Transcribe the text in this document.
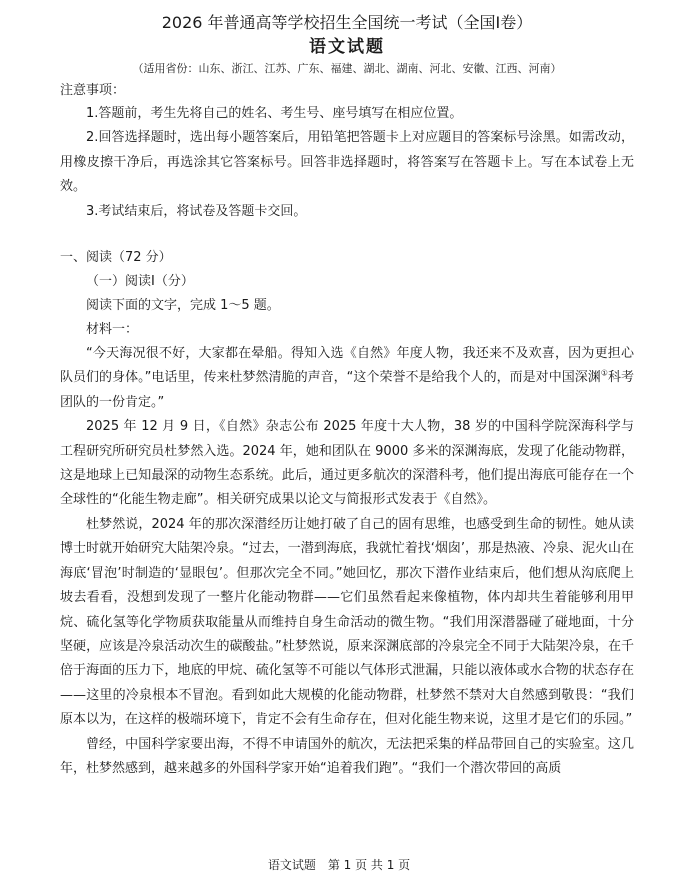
2026 年普通高等学校招生全国统一考试（全国Ⅰ卷）
语文试题

（适用省份：山东、浙江、江苏、广东、福建、湖北、湖南、河北、安徽、江西、河南）

注意事项：

1.答题前，考生先将自己的姓名、考生号、座号填写在相应位置。

2.回答选择题时，选出每小题答案后，用铅笔把答题卡上对应题目的答案标号涂黑。如需改动，用橡皮擦干净后，再选涂其它答案标号。回答非选择题时，将答案写在答题卡上。写在本试卷上无效。

3.考试结束后，将试卷及答题卡交回。

一、阅读（72 分）

（一）阅读Ⅰ（分）

阅读下面的文字，完成 1～5 题。

材料一：

“今天海况很不好，大家都在晕船。得知入选《自然》年度人物，我还来不及欢喜，因为更担心队员们的身体。”电话里，传来杜梦然清脆的声音，“这个荣誉不是给我个人的，而是对中国深渊①科考团队的一份肯定。”

2025 年 12 月 9 日，《自然》杂志公布 2025 年度十大人物，38 岁的中国科学院深海科学与工程研究所研究员杜梦然入选。2024 年，她和团队在 9000 多米的深渊海底，发现了化能动物群，这是地球上已知最深的动物生态系统。此后，通过更多航次的深潜科考，他们提出海底可能存在一个全球性的“化能生物走廊”。相关研究成果以论文与简报形式发表于《自然》。

杜梦然说，2024 年的那次深潜经历让她打破了自己的固有思维，也感受到生命的韧性。她从读博士时就开始研究大陆架冷泉。“过去，一潜到海底，我就忙着找‘烟囱’，那是热液、冷泉、泥火山在海底‘冒泡’时制造的‘显眼包’。但那次完全不同。”她回忆，那次下潜作业结束后，他们想从沟底爬上坡去看看，没想到发现了一整片化能动物群——它们虽然看起来像植物，体内却共生着能够利用甲烷、硫化氢等化学物质获取能量从而维持自身生命活动的微生物。“我们用深潜器碰了碰地面，十分坚硬，应该是冷泉活动次生的碳酸盐。”杜梦然说，原来深渊底部的冷泉完全不同于大陆架冷泉，在千倍于海面的压力下，地底的甲烷、硫化氢等不可能以气体形式泄漏，只能以液体或水合物的状态存在——这里的冷泉根本不冒泡。看到如此大规模的化能动物群，杜梦然不禁对大自然感到敬畏：“我们原本以为，在这样的极端环境下，肯定不会有生命存在，但对化能生物来说，这里才是它们的乐园。”

曾经，中国科学家要出海，不得不申请国外的航次，无法把采集的样品带回自己的实验室。这几年，杜梦然感到，越来越多的外国科学家开始“追着我们跑”。“我们一个潜次带回的高质

语文试题　第 1 页 共 1 页
